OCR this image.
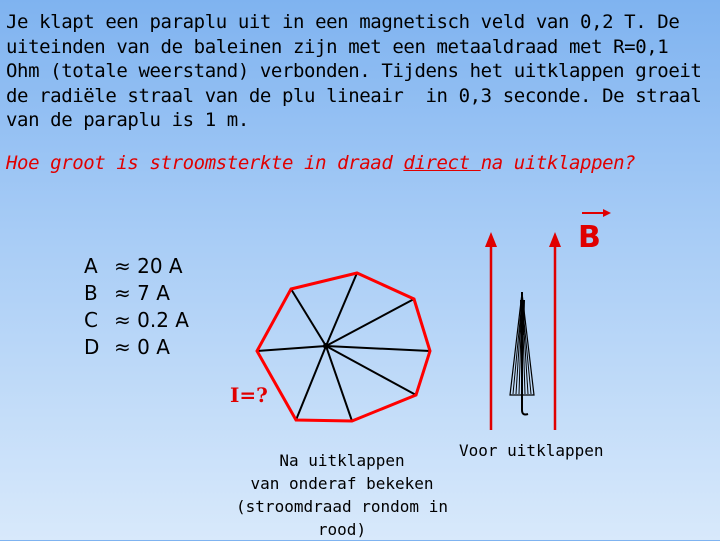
Je klapt een paraplu uit in een magnetisch veld van 0,2 T. De uiteinden van de baleinen zijn met een metaaldraad met R=0,1 Ohm (totale weerstand) verbonden. Tijdens het uitklappen groeit de radiële straal van de plu lineair  in 0,3 seconde. De straal van de paraplu is 1 m.

Hoe groot is stroomsterkte in draad direct na uitklappen?

A ≈ 20 A
B ≈ 7 A
C ≈ 0.2 A
D ≈ 0 A
I=?
B
Na uitklappen
van onderaf bekeken
(stroomdraad rondom in rood)
Voor uitklappen
